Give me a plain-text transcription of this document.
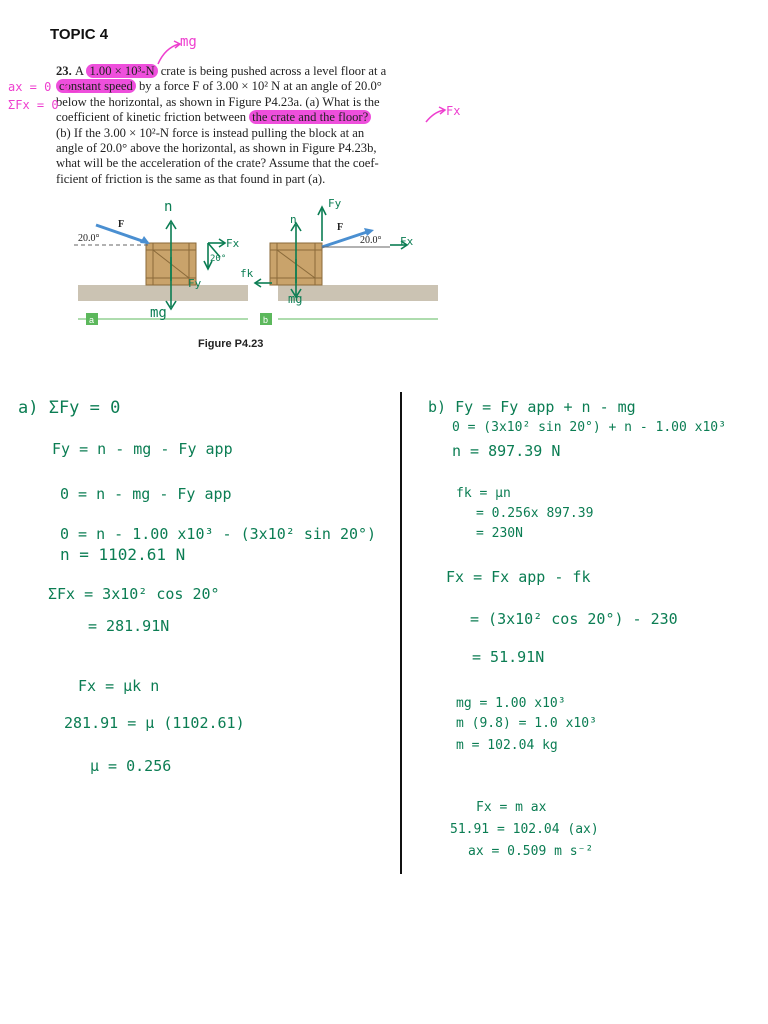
TOPIC 4
23. A 1.00 × 10³-N crate is being pushed across a level floor at a
constant speed by a force F of 3.00 × 10² N at an angle of 20.0°
below the horizontal, as shown in Figure P4.23a. (a) What is the
coefficient of kinetic friction between the crate and the floor?
(b) If the 3.00 × 10²-N force is instead pulling the block at an
angle of 20.0° above the horizontal, as shown in Figure P4.23b,
what will be the acceleration of the crate? Assume that the coef-
ficient of friction is the same as that found in part (a).
mg
ax = 0
ΣFx = 0	Fx
20.0°
F
20.0°
F
n
Fy
Fx
20°
mg
n
Fy
Fx
fk
mg
a	b
Figure P4.23
a) ΣFy = 0
Fy = n - mg - Fy app
0 = n - mg - Fy app
0 = n - 1.00 x10³ - (3x10² sin 20°)
n = 1102.61 N
ΣFx = 3x10² cos 20°
= 281.91N
Fx = μk n
281.91 = μ (1102.61)
μ = 0.256
b) Fy = Fy app + n - mg
0 = (3x10² sin 20°) + n - 1.00 x10³
n = 897.39 N
fk = μn
= 0.256x 897.39
= 230N
Fx = Fx app - fk
= (3x10² cos 20°) - 230
= 51.91N
mg = 1.00 x10³
m (9.8) = 1.0 x10³
m = 102.04 kg
Fx = m ax
51.91 = 102.04 (ax)
ax = 0.509 m s⁻²
